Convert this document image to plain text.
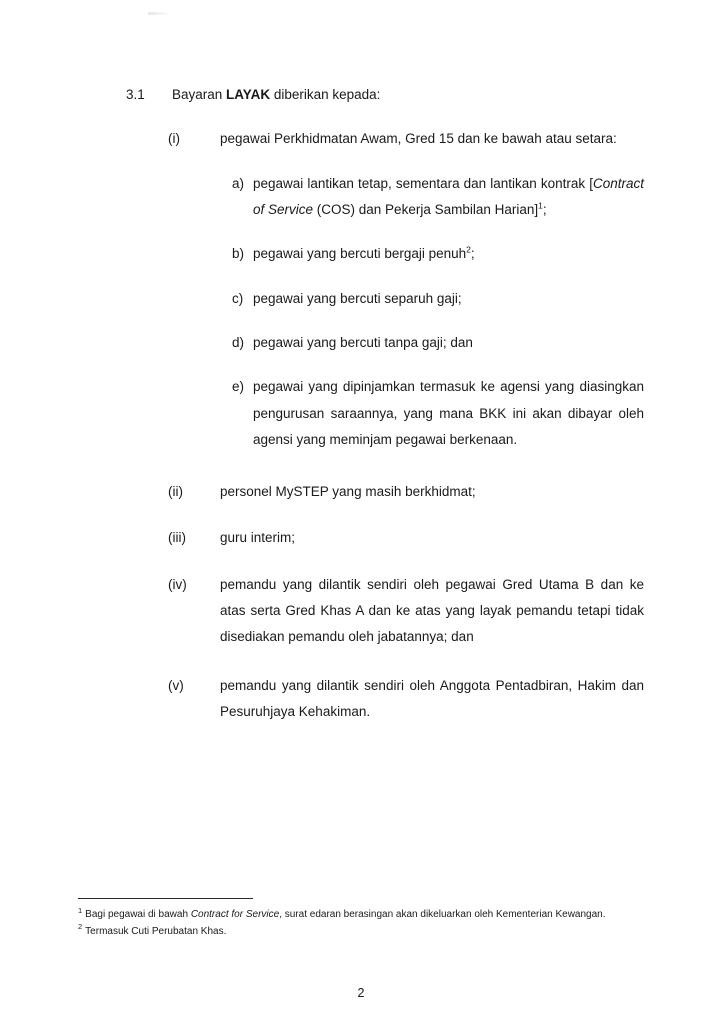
3.1	Bayaran LAYAK diberikan kepada:
(i)	pegawai Perkhidmatan Awam, Gred 15 dan ke bawah atau setara:
a) pegawai lantikan tetap, sementara dan lantikan kontrak [Contract of Service (COS) dan Pekerja Sambilan Harian]$^1$;
b) pegawai yang bercuti bergaji penuh$^2$;
c) pegawai yang bercuti separuh gaji;
d) pegawai yang bercuti tanpa gaji; dan
e) pegawai yang dipinjamkan termasuk ke agensi yang diasingkan pengurusan saraannya, yang mana BKK ini akan dibayar oleh agensi yang meminjam pegawai berkenaan.
(ii)	personel MySTEP yang masih berkhidmat;
(iii)	guru interim;
(iv)	pemandu yang dilantik sendiri oleh pegawai Gred Utama B dan ke atas serta Gred Khas A dan ke atas yang layak pemandu tetapi tidak disediakan pemandu oleh jabatannya; dan
(v)	pemandu yang dilantik sendiri oleh Anggota Pentadbiran, Hakim dan Pesuruhjaya Kehakiman.
$^1$ Bagi pegawai di bawah Contract for Service, surat edaran berasingan akan dikeluarkan oleh Kementerian Kewangan.
$^2$ Termasuk Cuti Perubatan Khas.
2
